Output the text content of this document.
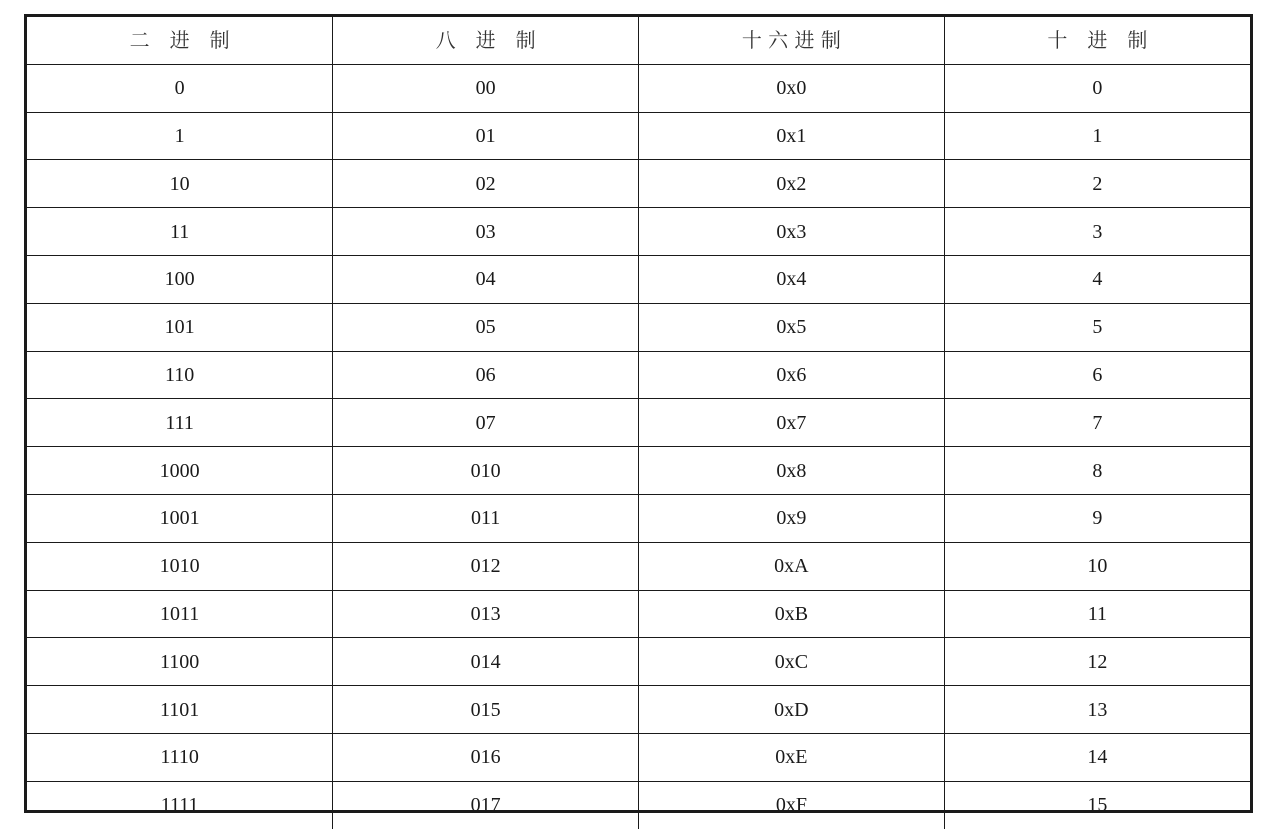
二　进　制	八　进　制	十 六 进 制	十　进　制
0	00	0x0	0
1	01	0x1	1
10	02	0x2	2
11	03	0x3	3
100	04	0x4	4
101	05	0x5	5
110	06	0x6	6
111	07	0x7	7
1000	010	0x8	8
1001	011	0x9	9
1010	012	0xA	10
1011	013	0xB	11
1100	014	0xC	12
1101	015	0xD	13
1110	016	0xE	14
1111	017	0xF	15
